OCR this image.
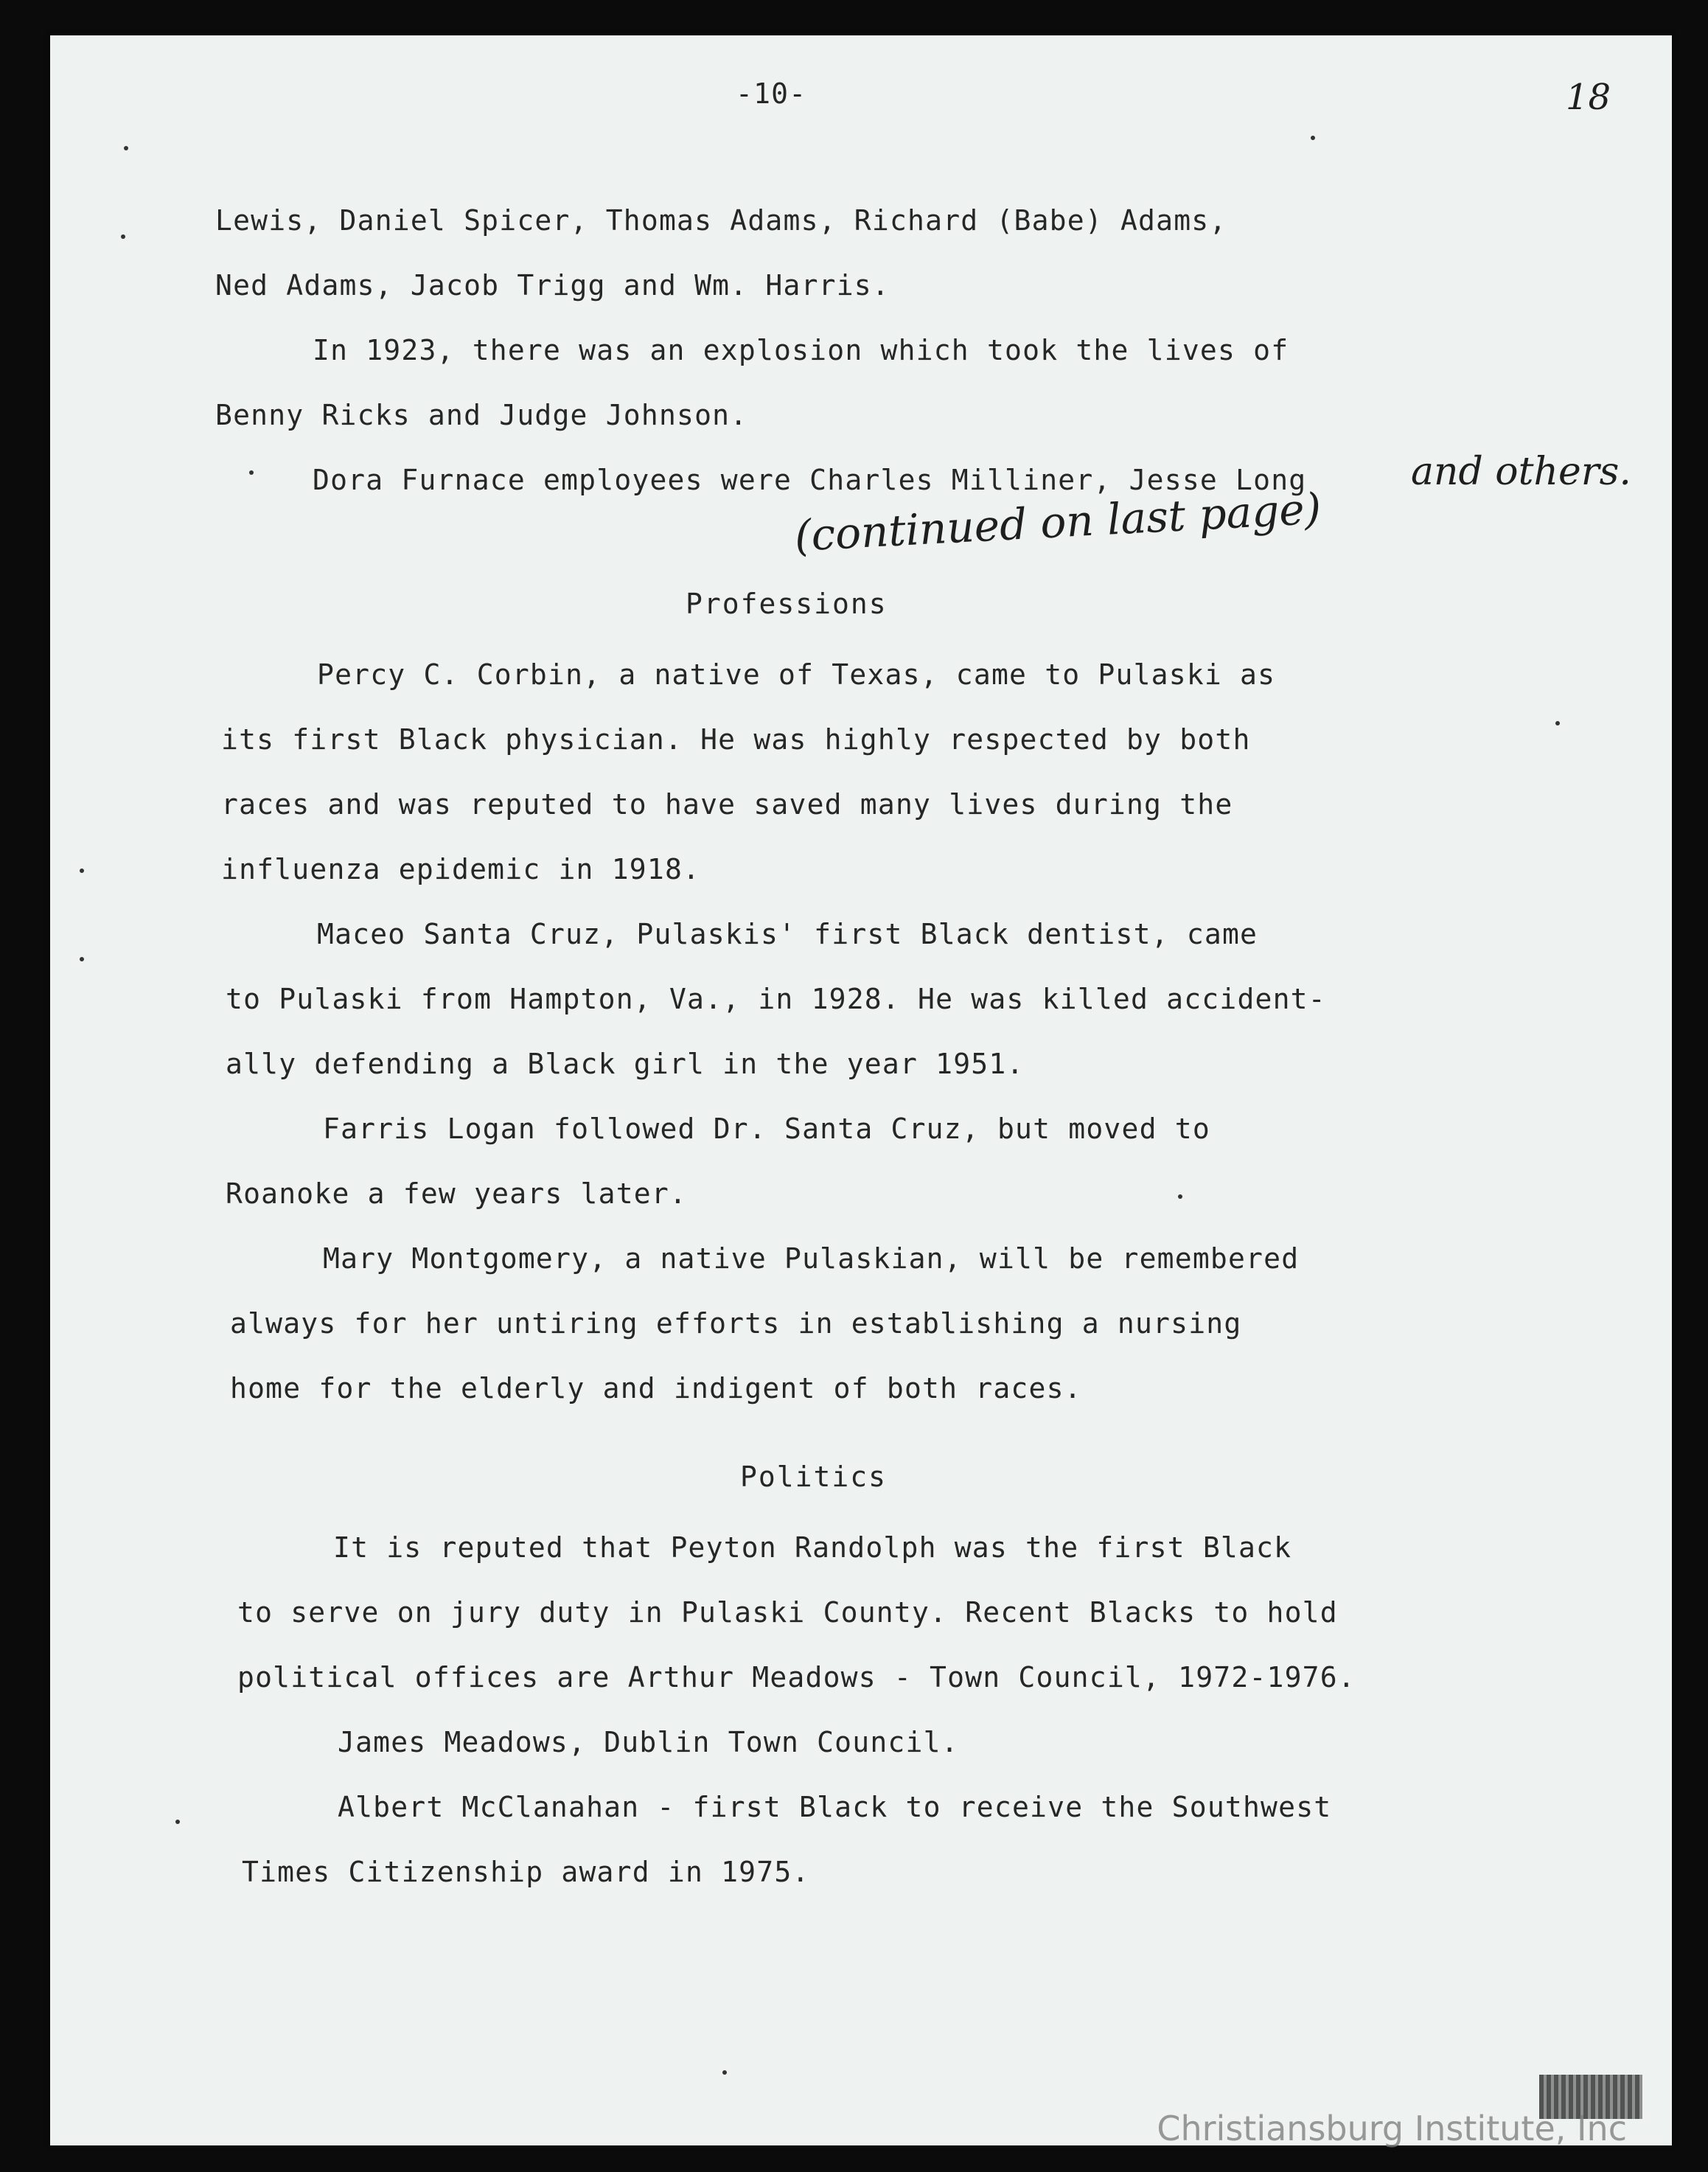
-10-	18
Lewis, Daniel Spicer, Thomas Adams, Richard (Babe) Adams,
Ned Adams, Jacob Trigg and Wm. Harris.
In 1923, there was an explosion which took the lives of
Benny Ricks and Judge Johnson.
Dora Furnace employees were Charles Milliner, Jesse Long	and others.
(continued on last page)
Professions
Percy C. Corbin, a native of Texas, came to Pulaski as
its first Black physician. He was highly respected by both
races and was reputed to have saved many lives during the
influenza epidemic in 1918.
Maceo Santa Cruz, Pulaskis' first Black dentist, came
to Pulaski from Hampton, Va., in 1928. He was killed accident-
ally defending a Black girl in the year 1951.
Farris Logan followed Dr. Santa Cruz, but moved to
Roanoke a few years later.
Mary Montgomery, a native Pulaskian, will be remembered
always for her untiring efforts in establishing a nursing
home for the elderly and indigent of both races.
Politics
It is reputed that Peyton Randolph was the first Black
to serve on jury duty in Pulaski County. Recent Blacks to hold
political offices are Arthur Meadows - Town Council, 1972-1976.
James Meadows, Dublin Town Council.
Albert McClanahan - first Black to receive the Southwest
Times Citizenship award in 1975.
Christiansburg Institute, Inc
